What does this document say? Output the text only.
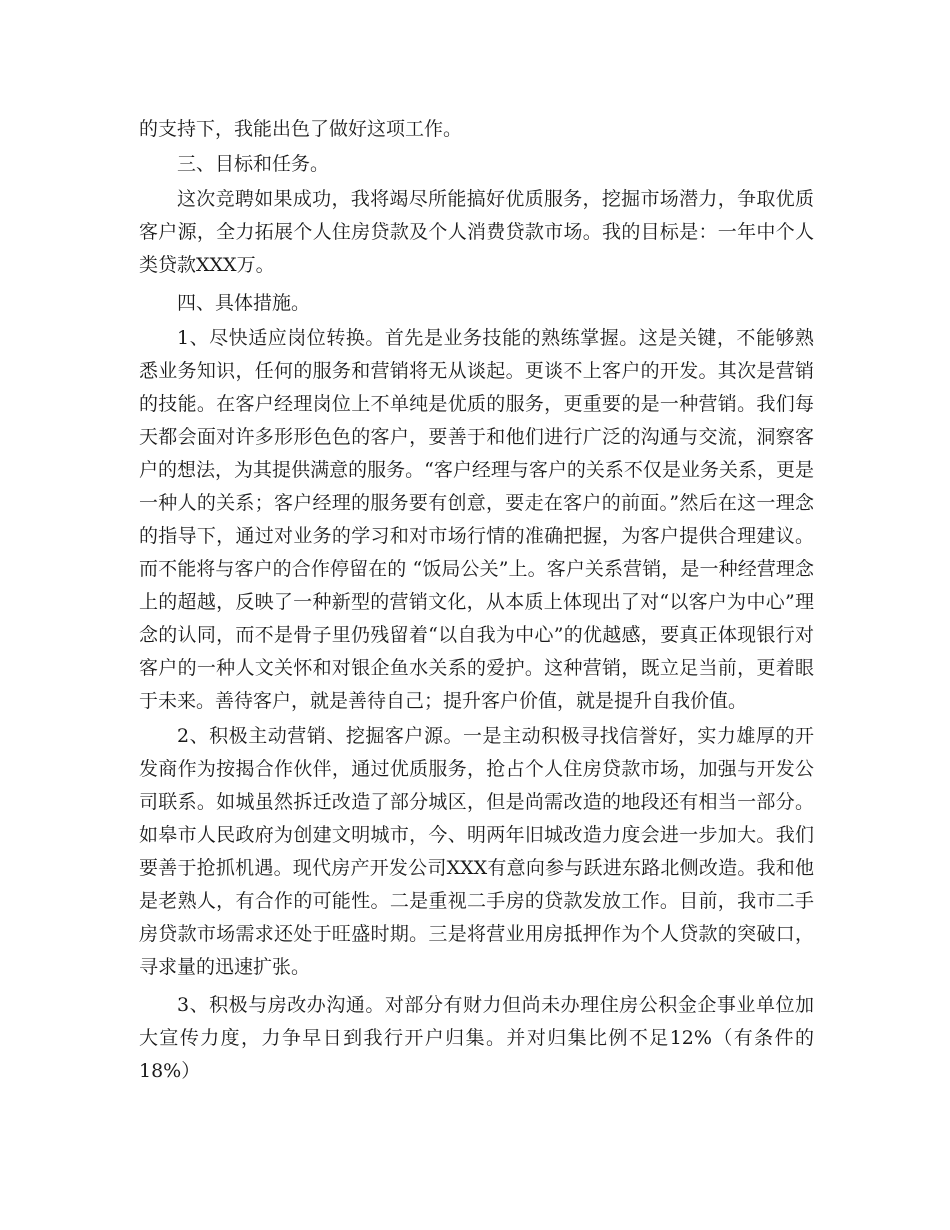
的支持下，我能出色了做好这项工作。

三、目标和任务。

这次竞聘如果成功，我将竭尽所能搞好优质服务，挖掘市场潜力，争取优质客户源，全力拓展个人住房贷款及个人消费贷款市场。我的目标是：一年中个人类贷款XXX万。

四、具体措施。

1、尽快适应岗位转换。首先是业务技能的熟练掌握。这是关键，不能够熟悉业务知识，任何的服务和营销将无从谈起。更谈不上客户的开发。其次是营销的技能。在客户经理岗位上不单纯是优质的服务，更重要的是一种营销。我们每天都会面对许多形形色色的客户，要善于和他们进行广泛的沟通与交流，洞察客户的想法，为其提供满意的服务。“客户经理与客户的关系不仅是业务关系，更是一种人的关系；客户经理的服务要有创意，要走在客户的前面。”然后在这一理念的指导下，通过对业务的学习和对市场行情的准确把握，为客户提供合理建议。而不能将与客户的合作停留在的 “饭局公关”上。客户关系营销，是一种经营理念上的超越，反映了一种新型的营销文化，从本质上体现出了对“以客户为中心”理念的认同，而不是骨子里仍残留着“以自我为中心”的优越感，要真正体现银行对客户的一种人文关怀和对银企鱼水关系的爱护。这种营销，既立足当前，更着眼于未来。善待客户，就是善待自己；提升客户价值，就是提升自我价值。

2、积极主动营销、挖掘客户源。一是主动积极寻找信誉好，实力雄厚的开发商作为按揭合作伙伴，通过优质服务，抢占个人住房贷款市场，加强与开发公司联系。如城虽然拆迁改造了部分城区，但是尚需改造的地段还有相当一部分。如皋市人民政府为创建文明城市，今、明两年旧城改造力度会进一步加大。我们要善于抢抓机遇。现代房产开发公司XXX有意向参与跃进东路北侧改造。我和他是老熟人，有合作的可能性。二是重视二手房的贷款发放工作。目前，我市二手房贷款市场需求还处于旺盛时期。三是将营业用房抵押作为个人贷款的突破口，寻求量的迅速扩张。

3、积极与房改办沟通。对部分有财力但尚未办理住房公积金企事业单位加大宣传力度，力争早日到我行开户归集。并对归集比例不足12%（有条件的18%）
